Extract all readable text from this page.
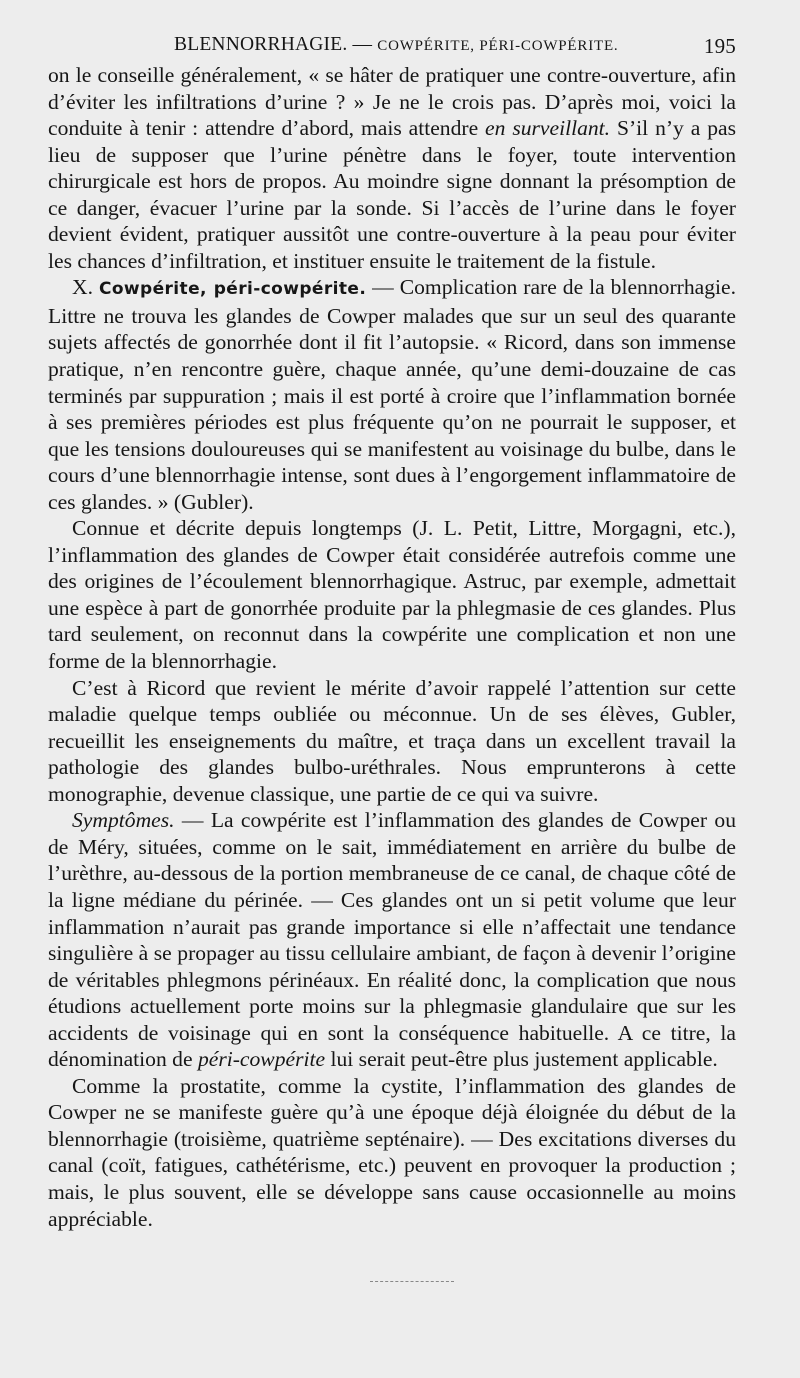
BLENNORRHAGIE. — COWPÉRITE, PÉRI-COWPÉRITE.	195

on le conseille généralement, « se hâter de pratiquer une contre-ouverture, afin d’éviter les infiltrations d’urine ? » Je ne le crois pas. D’après moi, voici la conduite à tenir : attendre d’abord, mais attendre en surveillant. S’il n’y a pas lieu de supposer que l’urine pénètre dans le foyer, toute intervention chirurgicale est hors de propos. Au moindre signe donnant la présomption de ce danger, évacuer l’urine par la sonde. Si l’accès de l’urine dans le foyer devient évident, pratiquer aussitôt une contre-ouverture à la peau pour éviter les chances d’infiltration, et instituer ensuite le traitement de la fistule.

X. Cowpérite, péri-cowpérite. — Complication rare de la blennorrhagie. Littre ne trouva les glandes de Cowper malades que sur un seul des quarante sujets affectés de gonorrhée dont il fit l’autopsie. « Ricord, dans son immense pratique, n’en rencontre guère, chaque année, qu’une demi-douzaine de cas terminés par suppuration ; mais il est porté à croire que l’inflammation bornée à ses premières périodes est plus fréquente qu’on ne pourrait le supposer, et que les tensions douloureuses qui se manifestent au voisinage du bulbe, dans le cours d’une blennorrhagie intense, sont dues à l’engorgement inflammatoire de ces glandes. » (Gubler).

Connue et décrite depuis longtemps (J. L. Petit, Littre, Morgagni, etc.), l’inflammation des glandes de Cowper était considérée autrefois comme une des origines de l’écoulement blennorrhagique. Astruc, par exemple, admettait une espèce à part de gonorrhée produite par la phlegmasie de ces glandes. Plus tard seulement, on reconnut dans la cowpérite une complication et non une forme de la blennorrhagie.

C’est à Ricord que revient le mérite d’avoir rappelé l’attention sur cette maladie quelque temps oubliée ou méconnue. Un de ses élèves, Gubler, recueillit les enseignements du maître, et traça dans un excellent travail la pathologie des glandes bulbo-uréthrales. Nous emprunterons à cette monographie, devenue classique, une partie de ce qui va suivre.

Symptômes. — La cowpérite est l’inflammation des glandes de Cowper ou de Méry, situées, comme on le sait, immédiatement en arrière du bulbe de l’urèthre, au-dessous de la portion membraneuse de ce canal, de chaque côté de la ligne médiane du périnée. — Ces glandes ont un si petit volume que leur inflammation n’aurait pas grande importance si elle n’affectait une tendance singulière à se propager au tissu cellulaire ambiant, de façon à devenir l’origine de véritables phlegmons périnéaux. En réalité donc, la complication que nous étudions actuellement porte moins sur la phlegmasie glandulaire que sur les accidents de voisinage qui en sont la conséquence habituelle. A ce titre, la dénomination de péri-cowpérite lui serait peut-être plus justement applicable.

Comme la prostatite, comme la cystite, l’inflammation des glandes de Cowper ne se manifeste guère qu’à une époque déjà éloignée du début de la blennorrhagie (troisième, quatrième septénaire). — Des excitations diverses du canal (coït, fatigues, cathétérisme, etc.) peuvent en provoquer la production ; mais, le plus souvent, elle se développe sans cause occasionnelle au moins appréciable.
